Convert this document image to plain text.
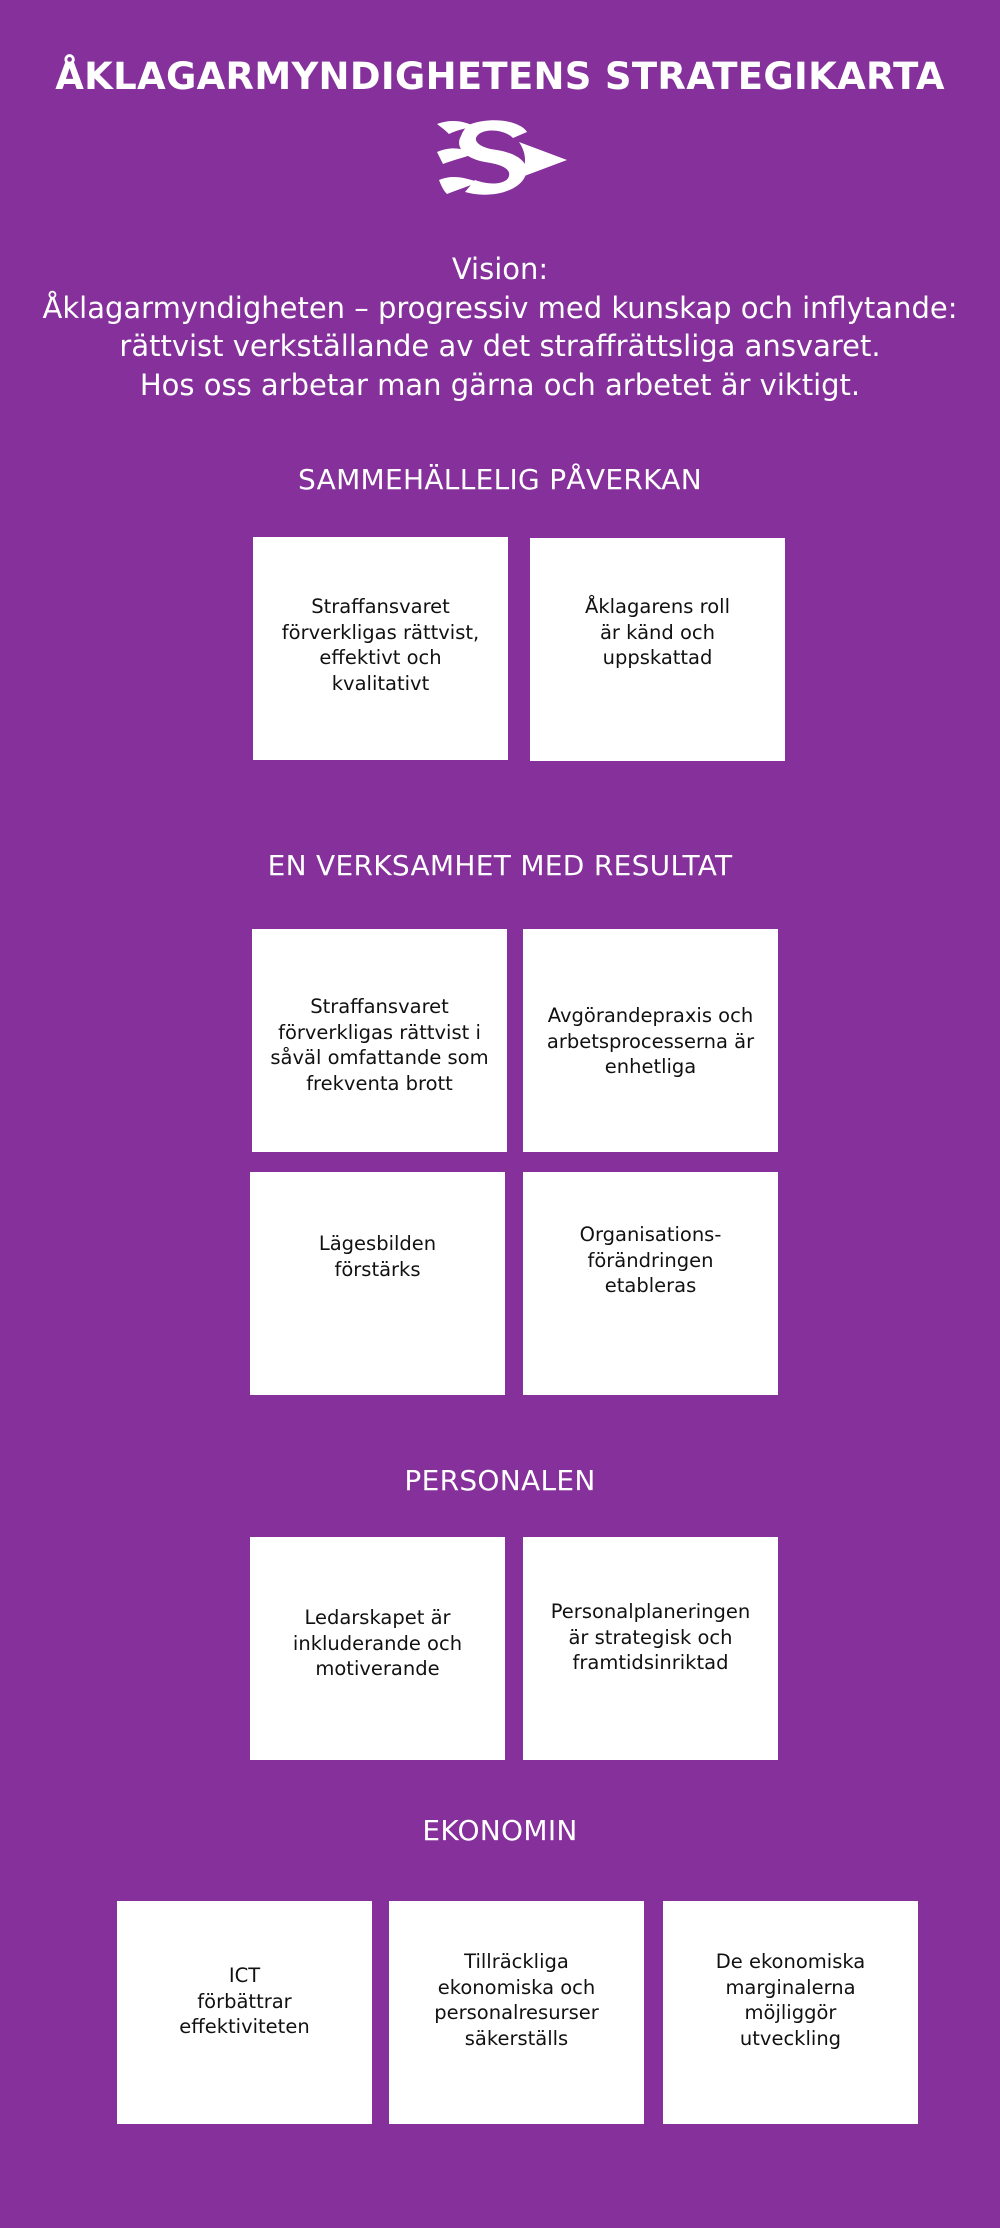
ÅKLAGARMYNDIGHETENS STRATEGIKARTA
Vision:
Åklagarmyndigheten – progressiv med kunskap och inflytande:
rättvist verkställande av det straffrättsliga ansvaret.
Hos oss arbetar man gärna och arbetet är viktigt.
SAMMEHÄLLELIG PÅVERKAN
Straffansvaret
förverkligas rättvist,
effektivt och
kvalitativt
Åklagarens roll
är känd och
uppskattad
EN VERKSAMHET MED RESULTAT
Straffansvaret
förverkligas rättvist i
såväl omfattande som
frekventa brott
Avgörandepraxis och
arbetsprocesserna är
enhetliga
Lägesbilden
förstärks
Organisations-
förändringen
etableras
PERSONALEN
Ledarskapet är
inkluderande och
motiverande
Personalplaneringen
är strategisk och
framtidsinriktad
EKONOMIN
ICT
förbättrar
effektiviteten
Tillräckliga
ekonomiska och
personalresurser
säkerställs
De ekonomiska
marginalerna
möjliggör
utveckling
